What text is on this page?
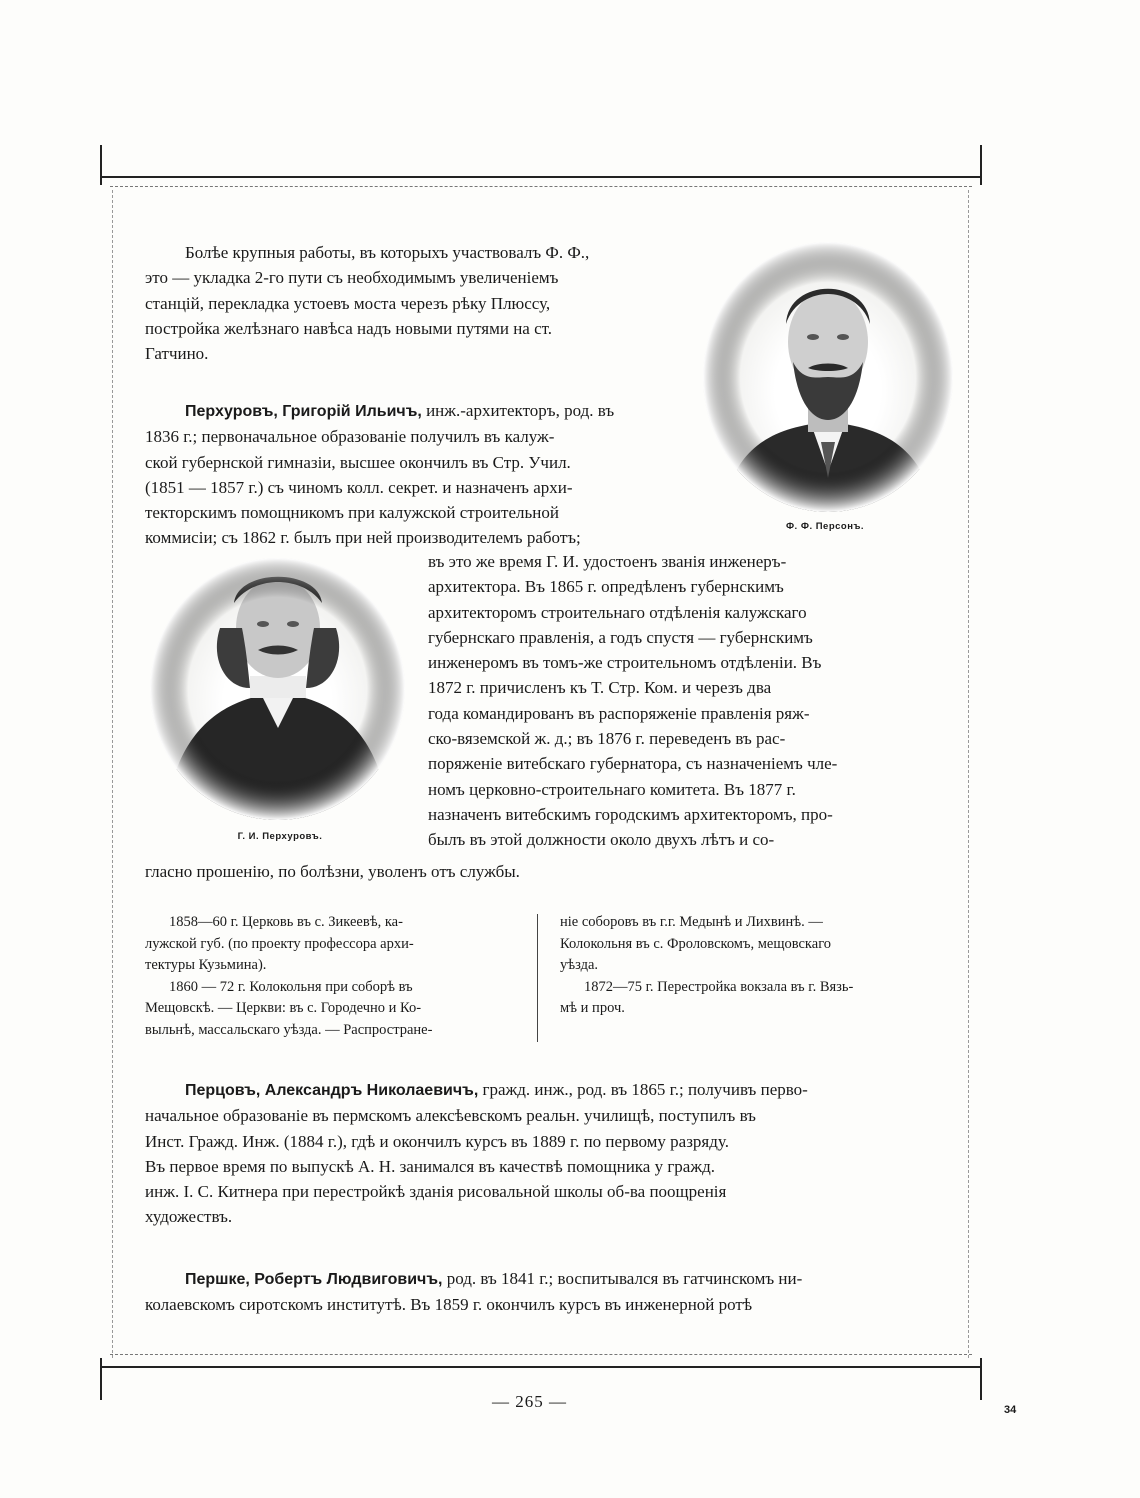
Болѣе крупныя работы, въ которыхъ участвовалъ Ф. Ф.,
это — укладка 2-го пути съ необходимымъ увеличеніемъ
станцій, перекладка устоевъ моста черезъ рѣку Плюссу,
постройка желѣзнаго навѣса надъ новыми путями на ст.
Гатчино.
Ф. Ф. Персонъ.
Перхуровъ, Григорій Ильичъ, инж.-архитекторъ, род. въ
1836 г.; первоначальное образованіе получилъ въ калуж-
ской губернской гимназіи, высшее окончилъ въ Стр. Учил.
(1851 — 1857 г.) съ чиномъ колл. секрет. и назначенъ архи-
текторскимъ помощникомъ при калужской строительной
коммисіи; съ 1862 г. былъ при ней производителемъ работъ;
Г. И. Перхуровъ.
въ это же время Г. И. удостоенъ званія инженеръ-
архитектора. Въ 1865 г. опредѣленъ губернскимъ
архитекторомъ строительнаго отдѣленія калужскаго
губернскаго правленія, а годъ спустя — губернскимъ
инженеромъ въ томъ-же строительномъ отдѣленіи. Въ
1872 г. причисленъ къ Т. Стр. Ком. и черезъ два
года командированъ въ распоряженіе правленія ряж-
ско-вяземской ж. д.; въ 1876 г. переведенъ въ рас-
поряженіе витебскаго губернатора, съ назначеніемъ чле-
номъ церковно-строительнаго комитета. Въ 1877 г.
назначенъ витебскимъ городскимъ архитекторомъ, про-
былъ въ этой должности около двухъ лѣтъ и со-
гласно прошенію, по болѣзни, уволенъ отъ службы.
1858—60 г. Церковь въ с. Зикеевѣ, ка-
лужской губ. (по проекту профессора архи-
тектуры Кузьмина).
1860 — 72 г. Колокольня при соборѣ въ
Мещовскѣ. — Церкви: въ с. Городечно и Ко-
выльнѣ, массальскаго уѣзда. — Распростране-
ніе соборовъ въ г.г. Медынѣ и Лихвинѣ. —
Колокольня въ с. Фроловскомъ, мещовскаго
уѣзда.
1872—75 г. Перестройка вокзала въ г. Вязь-
мѣ и проч.
Перцовъ, Александръ Николаевичъ, гражд. инж., род. въ 1865 г.; получивъ перво-
начальное образованіе въ пермскомъ алексѣевскомъ реальн. училищѣ, поступилъ въ
Инст. Гражд. Инж. (1884 г.), гдѣ и окончилъ курсъ въ 1889 г. по первому разряду.
Въ первое время по выпускѣ А. Н. занимался въ качествѣ помощника у гражд.
инж. І. С. Китнера при перестройкѣ зданія рисовальной школы об-ва поощренія
художествъ.
Першке, Робертъ Людвиговичъ, род. въ 1841 г.; воспитывался въ гатчинскомъ ни-
колаевскомъ сиротскомъ институтѣ. Въ 1859 г. окончилъ курсъ въ инженерной ротѣ
— 265 —	34
